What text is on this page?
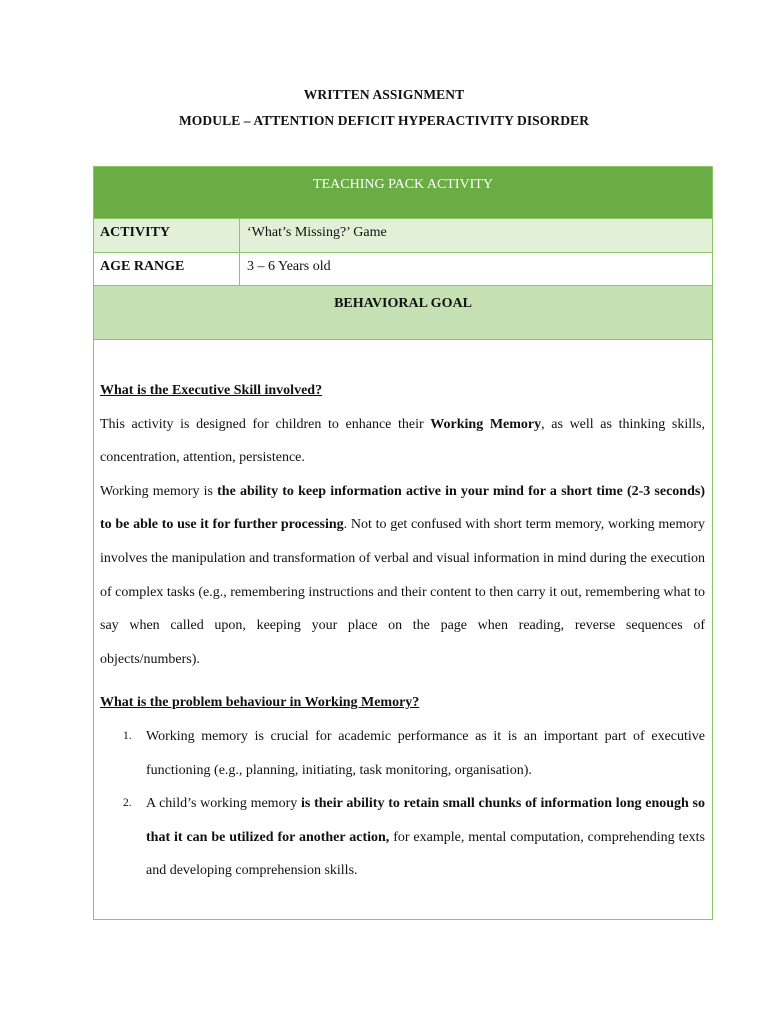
WRITTEN ASSIGNMENT
MODULE – ATTENTION DEFICIT HYPERACTIVITY DISORDER
TEACHING PACK ACTIVITY
ACTIVITY	‘What’s Missing?’ Game
AGE RANGE	3 – 6 Years old
BEHAVIORAL GOAL
What is the Executive Skill involved?

This activity is designed for children to enhance their Working Memory, as well as thinking skills, concentration, attention, persistence.

Working memory is the ability to keep information active in your mind for a short time (2-3 seconds) to be able to use it for further processing. Not to get confused with short term memory, working memory involves the manipulation and transformation of verbal and visual information in mind during the execution of complex tasks (e.g., remembering instructions and their content to then carry it out, remembering what to say when called upon, keeping your place on the page when reading, reverse sequences of objects/numbers).

What is the problem behaviour in Working Memory?
1. Working memory is crucial for academic performance as it is an important part of executive functioning (e.g., planning, initiating, task monitoring, organisation).
2. A child’s working memory is their ability to retain small chunks of information long enough so that it can be utilized for another action, for example, mental computation, comprehending texts and developing comprehension skills.
